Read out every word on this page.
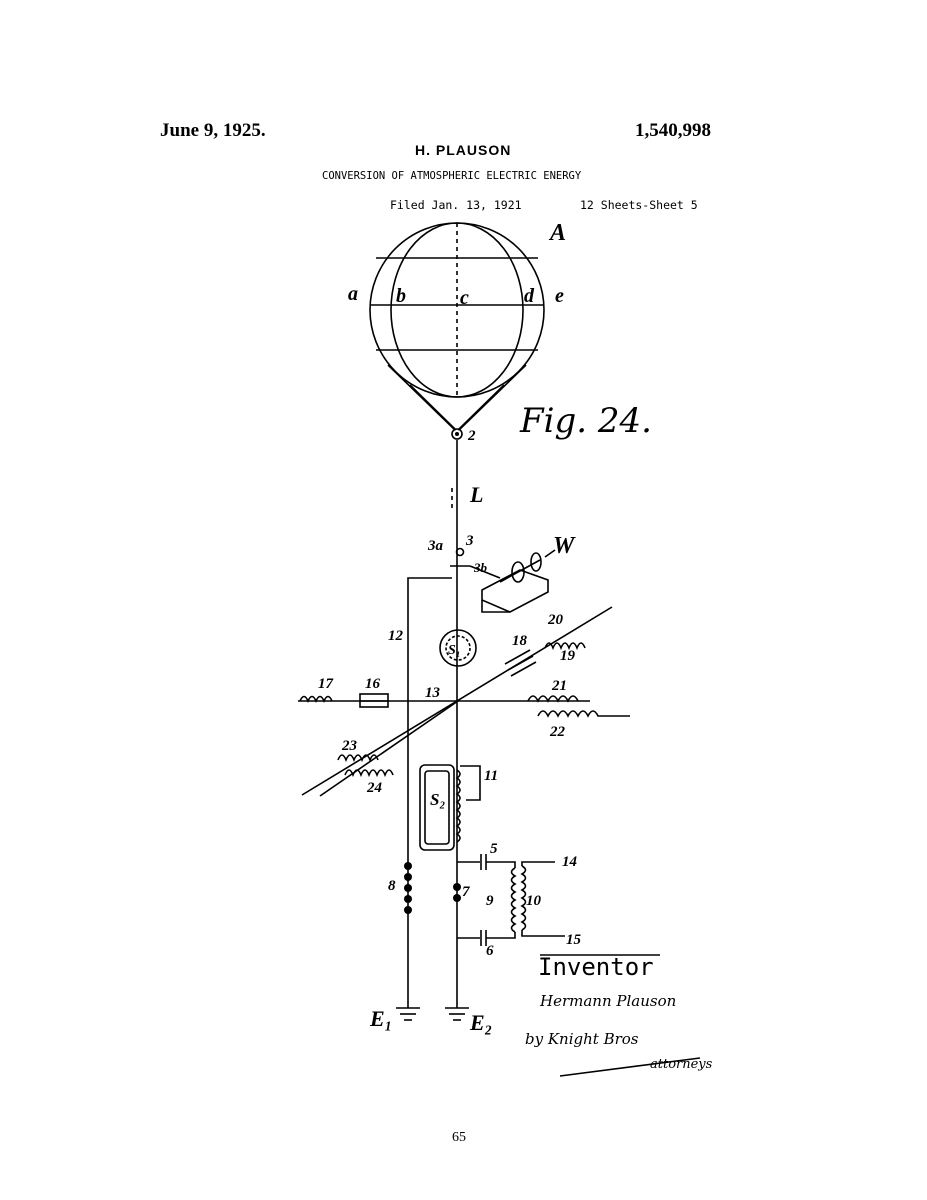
June 9, 1925.	1,540,998
H. PLAUSON
CONVERSION OF ATMOSPHERIC ELECTRIC ENERGY
Filed Jan. 13, 1921	12 Sheets-Sheet 5
A
a b	c	d e
2 Fig. 24.
L
3a 3
3b
W
12
S₁
20
19
18
17 16
13	21
22
23
24
S₂
11
5
14
9 10
15
6
8	7
E₁	E₂
Inventor
Hermann Plauson
by Knight Bros
attorneys
65
